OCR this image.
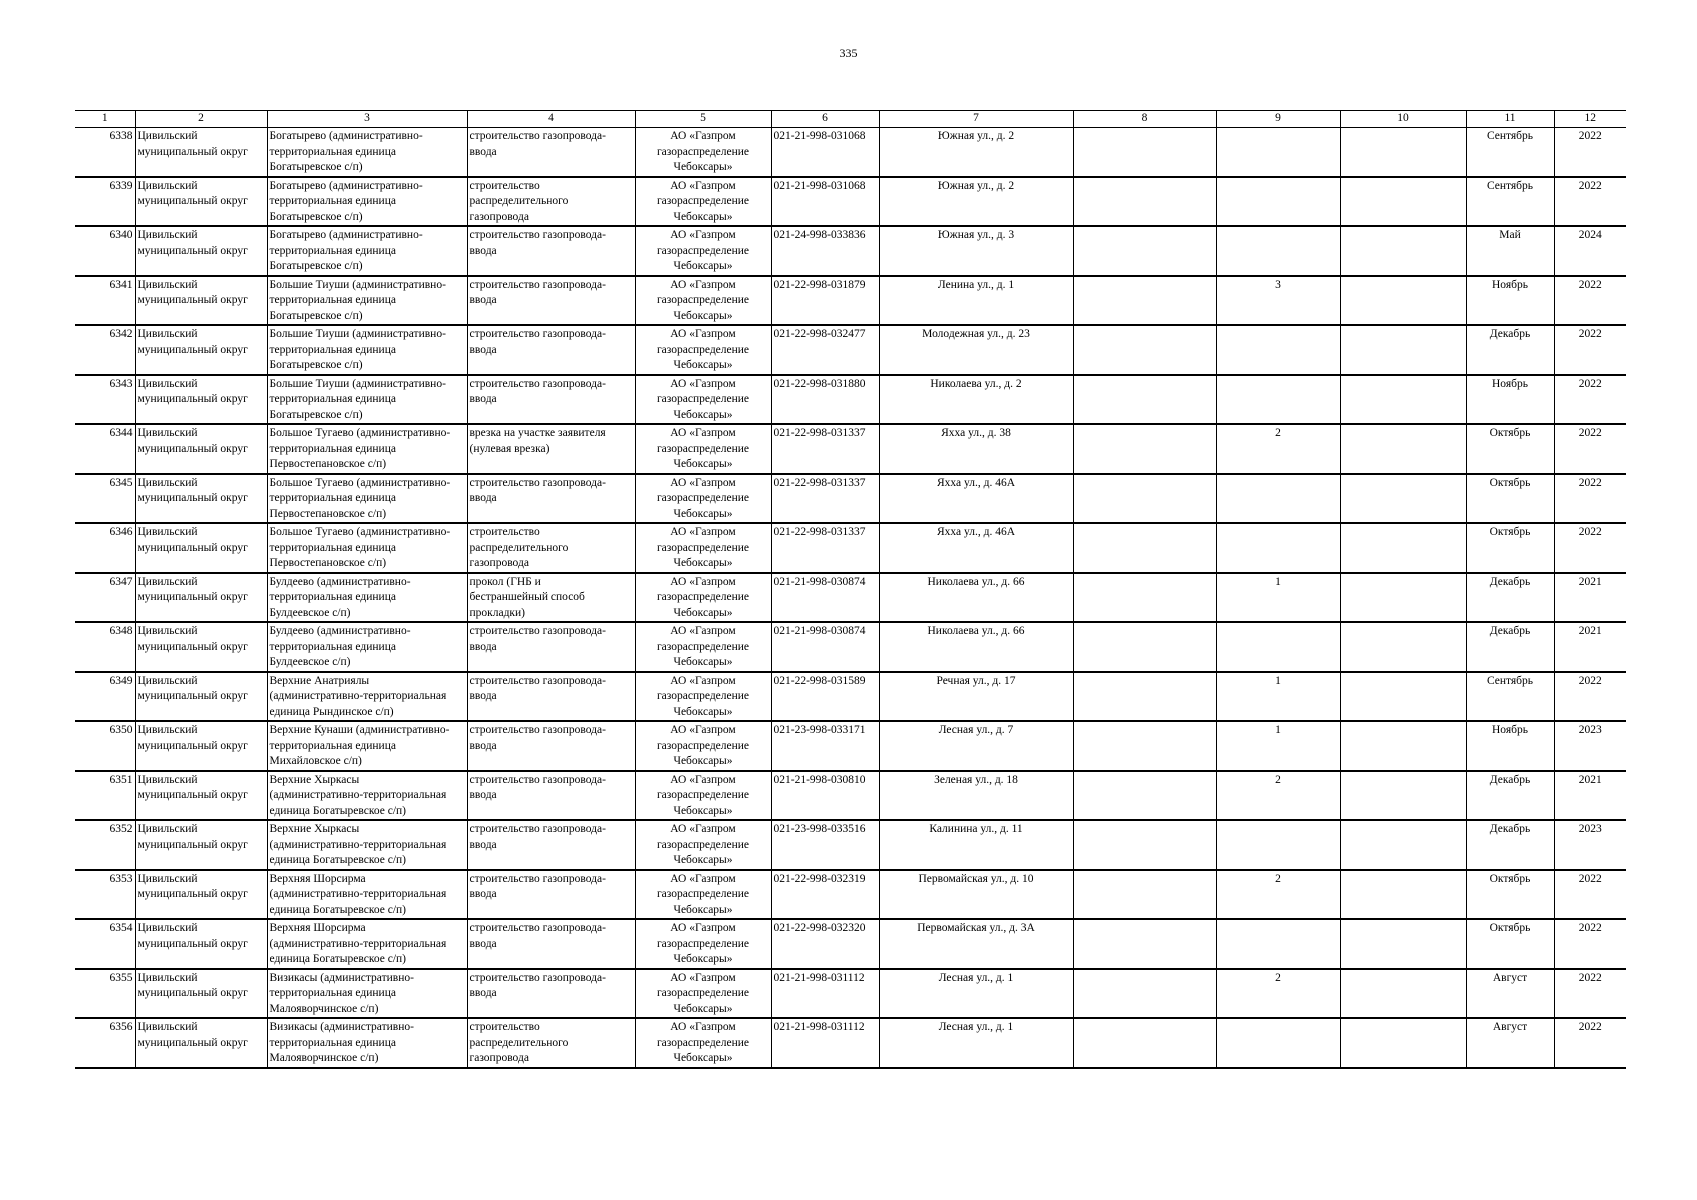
335
1	2	3	4	5	6	7	8	9	10	11	12
6338	Цивильский
муниципальный округ	Богатырево (административно-
территориальная единица
Богатыревское с/п)	строительство газопровода-
ввода	АО «Газпром
газораспределение
Чебоксары»	021-21-998-031068	Южная ул., д. 2				Сентябрь	2022
6339	Цивильский
муниципальный округ	Богатырево (административно-
территориальная единица
Богатыревское с/п)	строительство
распределительного
газопровода	АО «Газпром
газораспределение
Чебоксары»	021-21-998-031068	Южная ул., д. 2				Сентябрь	2022
6340	Цивильский
муниципальный округ	Богатырево (административно-
территориальная единица
Богатыревское с/п)	строительство газопровода-
ввода	АО «Газпром
газораспределение
Чебоксары»	021-24-998-033836	Южная ул., д. 3				Май	2024
6341	Цивильский
муниципальный округ	Большие Тиуши (административно-
территориальная единица
Богатыревское с/п)	строительство газопровода-
ввода	АО «Газпром
газораспределение
Чебоксары»	021-22-998-031879	Ленина ул., д. 1		3		Ноябрь	2022
6342	Цивильский
муниципальный округ	Большие Тиуши (административно-
территориальная единица
Богатыревское с/п)	строительство газопровода-
ввода	АО «Газпром
газораспределение
Чебоксары»	021-22-998-032477	Молодежная ул., д. 23				Декабрь	2022
6343	Цивильский
муниципальный округ	Большие Тиуши (административно-
территориальная единица
Богатыревское с/п)	строительство газопровода-
ввода	АО «Газпром
газораспределение
Чебоксары»	021-22-998-031880	Николаева ул., д. 2				Ноябрь	2022
6344	Цивильский
муниципальный округ	Большое Тугаево (административно-
территориальная единица
Первостепановское с/п)	врезка на участке заявителя
(нулевая врезка)	АО «Газпром
газораспределение
Чебоксары»	021-22-998-031337	Яхха ул., д. 38		2		Октябрь	2022
6345	Цивильский
муниципальный округ	Большое Тугаево (административно-
территориальная единица
Первостепановское с/п)	строительство газопровода-
ввода	АО «Газпром
газораспределение
Чебоксары»	021-22-998-031337	Яхха ул., д. 46А				Октябрь	2022
6346	Цивильский
муниципальный округ	Большое Тугаево (административно-
территориальная единица
Первостепановское с/п)	строительство
распределительного
газопровода	АО «Газпром
газораспределение
Чебоксары»	021-22-998-031337	Яхха ул., д. 46А				Октябрь	2022
6347	Цивильский
муниципальный округ	Булдеево (административно-
территориальная единица
Булдеевское с/п)	прокол (ГНБ и
бестраншейный способ
прокладки)	АО «Газпром
газораспределение
Чебоксары»	021-21-998-030874	Николаева ул., д. 66		1		Декабрь	2021
6348	Цивильский
муниципальный округ	Булдеево (административно-
территориальная единица
Булдеевское с/п)	строительство газопровода-
ввода	АО «Газпром
газораспределение
Чебоксары»	021-21-998-030874	Николаева ул., д. 66				Декабрь	2021
6349	Цивильский
муниципальный округ	Верхние Анатриялы
(административно-территориальная
единица Рындинское с/п)	строительство газопровода-
ввода	АО «Газпром
газораспределение
Чебоксары»	021-22-998-031589	Речная ул., д. 17		1		Сентябрь	2022
6350	Цивильский
муниципальный округ	Верхние Кунаши (административно-
территориальная единица
Михайловское с/п)	строительство газопровода-
ввода	АО «Газпром
газораспределение
Чебоксары»	021-23-998-033171	Лесная ул., д. 7		1		Ноябрь	2023
6351	Цивильский
муниципальный округ	Верхние Хыркасы
(административно-территориальная
единица Богатыревское с/п)	строительство газопровода-
ввода	АО «Газпром
газораспределение
Чебоксары»	021-21-998-030810	Зеленая ул., д. 18		2		Декабрь	2021
6352	Цивильский
муниципальный округ	Верхние Хыркасы
(административно-территориальная
единица Богатыревское с/п)	строительство газопровода-
ввода	АО «Газпром
газораспределение
Чебоксары»	021-23-998-033516	Калинина ул., д. 11				Декабрь	2023
6353	Цивильский
муниципальный округ	Верхняя Шорсирма
(административно-территориальная
единица Богатыревское с/п)	строительство газопровода-
ввода	АО «Газпром
газораспределение
Чебоксары»	021-22-998-032319	Первомайская ул., д. 10		2		Октябрь	2022
6354	Цивильский
муниципальный округ	Верхняя Шорсирма
(административно-территориальная
единица Богатыревское с/п)	строительство газопровода-
ввода	АО «Газпром
газораспределение
Чебоксары»	021-22-998-032320	Первомайская ул., д. 3А				Октябрь	2022
6355	Цивильский
муниципальный округ	Визикасы (административно-
территориальная единица
Малояворчинское с/п)	строительство газопровода-
ввода	АО «Газпром
газораспределение
Чебоксары»	021-21-998-031112	Лесная ул., д. 1		2		Август	2022
6356	Цивильский
муниципальный округ	Визикасы (административно-
территориальная единица
Малояворчинское с/п)	строительство
распределительного
газопровода	АО «Газпром
газораспределение
Чебоксары»	021-21-998-031112	Лесная ул., д. 1				Август	2022
